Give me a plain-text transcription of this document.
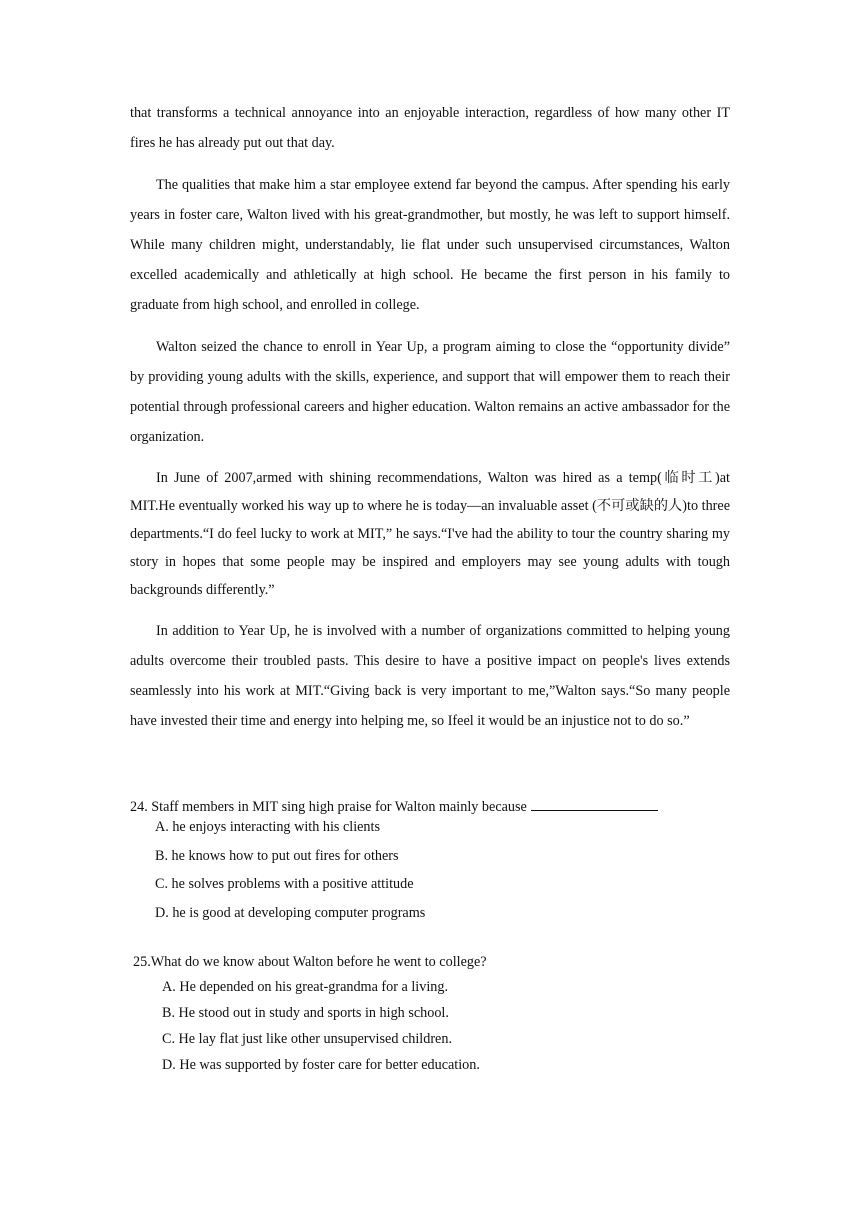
that transforms a technical annoyance into an enjoyable interaction, regardless of how many other IT fires he has already put out that day.

The qualities that make him a star employee extend far beyond the campus. After spending his early years in foster care, Walton lived with his great-grandmother, but mostly, he was left to support himself. While many children might, understandably, lie flat under such unsupervised circumstances, Walton excelled academically and athletically at high school. He became the first person in his family to graduate from high school, and enrolled in college.

Walton seized the chance to enroll in Year Up, a program aiming to close the “opportunity divide” by providing young adults with the skills, experience, and support that will empower them to reach their potential through professional careers and higher education. Walton remains an active ambassador for the organization.

In June of 2007,armed with shining recommendations, Walton was hired as a temp(临时工)at MIT.He eventually worked his way up to where he is today—an invaluable asset (不可或缺的人)to three departments.“I do feel lucky to work at MIT,” he says.“I've had the ability to tour the country sharing my story in hopes that some people may be inspired and employers may see young adults with tough backgrounds differently.”

In addition to Year Up, he is involved with a number of organizations committed to helping young adults overcome their troubled pasts. This desire to have a positive impact on people's lives extends seamlessly into his work at MIT.“Giving back is very important to me,”Walton says.“So many people have invested their time and energy into helping me, so Ifeel it would be an injustice not to do so.”

24. Staff members in MIT sing high praise for Walton mainly because

A. he enjoys interacting with his clients

B. he knows how to put out fires for others

C. he solves problems with a positive attitude

D. he is good at developing computer programs

25.What do we know about Walton before he went to college?

A. He depended on his great-grandma for a living.

B. He stood out in study and sports in high school.

C. He lay flat just like other unsupervised children.

D. He was supported by foster care for better education.
